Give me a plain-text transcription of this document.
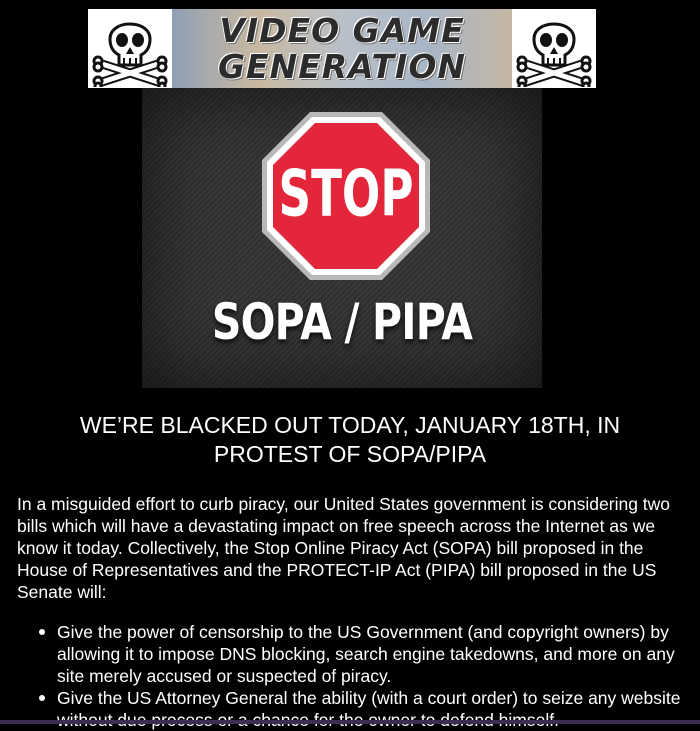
VIDEO GAME
GENERATION
STOP
SOPA / PIPA
WE’RE BLACKED OUT TODAY, JANUARY 18TH, IN
PROTEST OF SOPA/PIPA

In a misguided effort to curb piracy, our United States government is considering two bills which will have a devastating impact on free speech across the Internet as we know it today. Collectively, the Stop Online Piracy Act (SOPA) bill proposed in the House of Representatives and the PROTECT-IP Act (PIPA) bill proposed in the US Senate will:

Give the power of censorship to the US Government (and copyright owners) by allowing it to impose DNS blocking, search engine takedowns, and more on any site merely accused or suspected of piracy.
Give the US Attorney General the ability (with a court order) to seize any website
